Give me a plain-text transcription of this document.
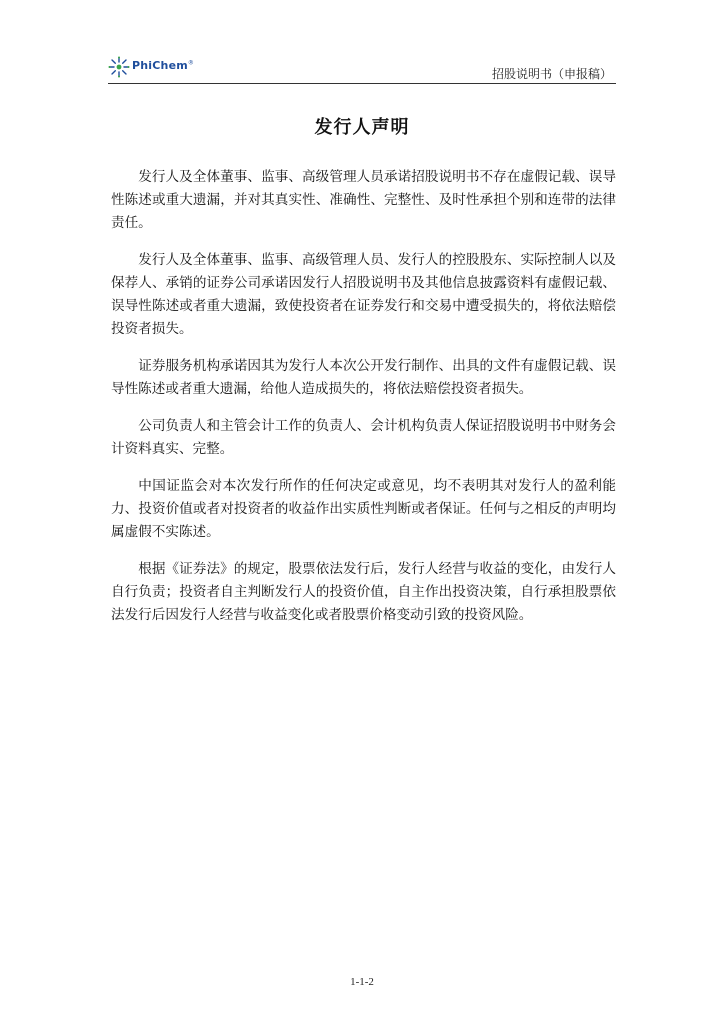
PhiChem®
招股说明书（申报稿）
发行人声明

发行人及全体董事、监事、高级管理人员承诺招股说明书不存在虚假记载、误导性陈述或重大遗漏，并对其真实性、准确性、完整性、及时性承担个别和连带的法律责任。

发行人及全体董事、监事、高级管理人员、发行人的控股股东、实际控制人以及保荐人、承销的证券公司承诺因发行人招股说明书及其他信息披露资料有虚假记载、误导性陈述或者重大遗漏，致使投资者在证券发行和交易中遭受损失的，将依法赔偿投资者损失。

证券服务机构承诺因其为发行人本次公开发行制作、出具的文件有虚假记载、误导性陈述或者重大遗漏，给他人造成损失的，将依法赔偿投资者损失。

公司负责人和主管会计工作的负责人、会计机构负责人保证招股说明书中财务会计资料真实、完整。

中国证监会对本次发行所作的任何决定或意见，均不表明其对发行人的盈利能力、投资价值或者对投资者的收益作出实质性判断或者保证。任何与之相反的声明均属虚假不实陈述。

根据《证券法》的规定，股票依法发行后，发行人经营与收益的变化，由发行人自行负责；投资者自主判断发行人的投资价值，自主作出投资决策，自行承担股票依法发行后因发行人经营与收益变化或者股票价格变动引致的投资风险。

1-1-2
